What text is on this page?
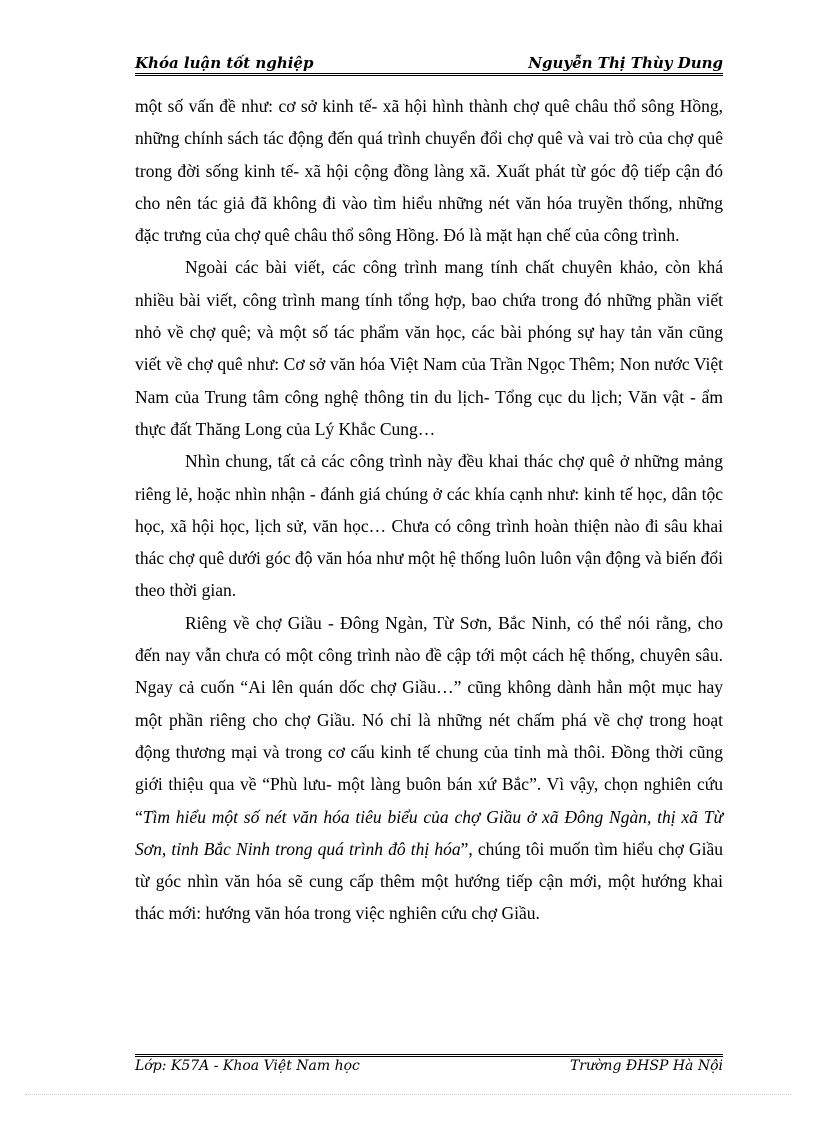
Khóa luận tốt nghiệp	Nguyễn Thị Thùy Dung

một số vấn đề như: cơ sở kinh tế- xã hội hình thành chợ quê châu thổ sông Hồng, những chính sách tác động đến quá trình chuyển đổi chợ quê và vai trò của chợ quê trong đời sống kinh tế- xã hội cộng đồng làng xã. Xuất phát từ góc độ tiếp cận đó cho nên tác giả đã không đi vào tìm hiểu những nét văn hóa truyền thống, những đặc trưng của chợ quê châu thổ sông Hồng. Đó là mặt hạn chế của công trình.

Ngoài các bài viết, các công trình mang tính chất chuyên khảo, còn khá nhiều bài viết, công trình mang tính tổng hợp, bao chứa trong đó những phần viết nhỏ về chợ quê; và một số tác phẩm văn học, các bài phóng sự hay tản văn cũng viết về chợ quê như: Cơ sở văn hóa Việt Nam của Trần Ngọc Thêm; Non nước Việt Nam của Trung tâm công nghệ thông tin du lịch- Tổng cục du lịch; Văn vật - ẩm thực đất Thăng Long của Lý Khắc Cung…

Nhìn chung, tất cả các công trình này đều khai thác chợ quê ở những mảng riêng lẻ, hoặc nhìn nhận - đánh giá chúng ở các khía cạnh như: kinh tế học, dân tộc học, xã hội học, lịch sử, văn học… Chưa có công trình hoàn thiện nào đi sâu khai thác chợ quê dưới góc độ văn hóa như một hệ thống luôn luôn vận động và biến đổi theo thời gian.

Riêng về chợ Giầu - Đông Ngàn, Từ Sơn, Bắc Ninh, có thể nói rằng, cho đến nay vẫn chưa có một công trình nào đề cập tới một cách hệ thống, chuyên sâu. Ngay cả cuốn “Ai lên quán dốc chợ Giầu…” cũng không dành hẳn một mục hay một phần riêng cho chợ Giầu. Nó chỉ là những nét chấm phá về chợ trong hoạt động thương mại và trong cơ cấu kinh tế chung của tỉnh mà thôi. Đồng thời cũng giới thiệu qua về “Phù lưu- một làng buôn bán xứ Bắc”. Vì vậy, chọn nghiên cứu “Tìm hiểu một số nét văn hóa tiêu biểu của chợ Giầu ở xã Đông Ngàn, thị xã Từ Sơn, tỉnh Bắc Ninh trong quá trình đô thị hóa”, chúng tôi muốn tìm hiểu chợ Giầu từ góc nhìn văn hóa sẽ cung cấp thêm một hướng tiếp cận mới, một hướng khai thác mới: hướng văn hóa trong việc nghiên cứu chợ Giầu.

Lớp: K57A - Khoa Việt Nam học	Trường ĐHSP Hà Nội
